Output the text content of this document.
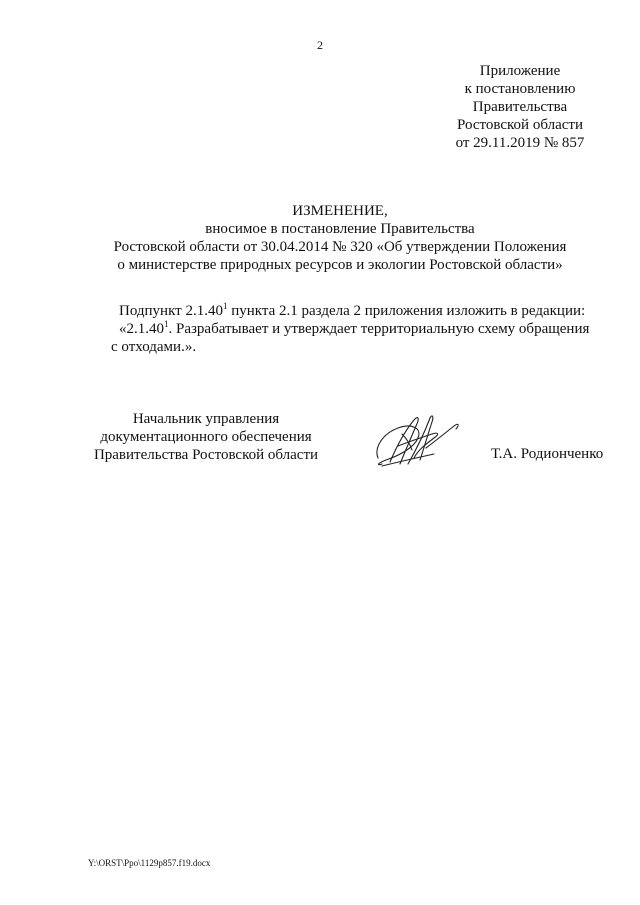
2
Приложение
к постановлению
Правительства
Ростовской области
от 29.11.2019 № 857
ИЗМЕНЕНИЕ,
вносимое в постановление Правительства
Ростовской области от 30.04.2014 № 320 «Об утверждении Положения
о министерстве природных ресурсов и экологии Ростовской области»
Подпункт 2.1.40$^1$ пункта 2.1 раздела 2 приложения изложить в редакции:
«2.1.40$^1$. Разрабатывает и утверждает территориальную схему обращения
с отходами.».
Начальник управления
документационного обеспечения
Правительства Ростовской области	Т.А. Родионченко
Y:\ORST\Ppo\1129p857.f19.docx
